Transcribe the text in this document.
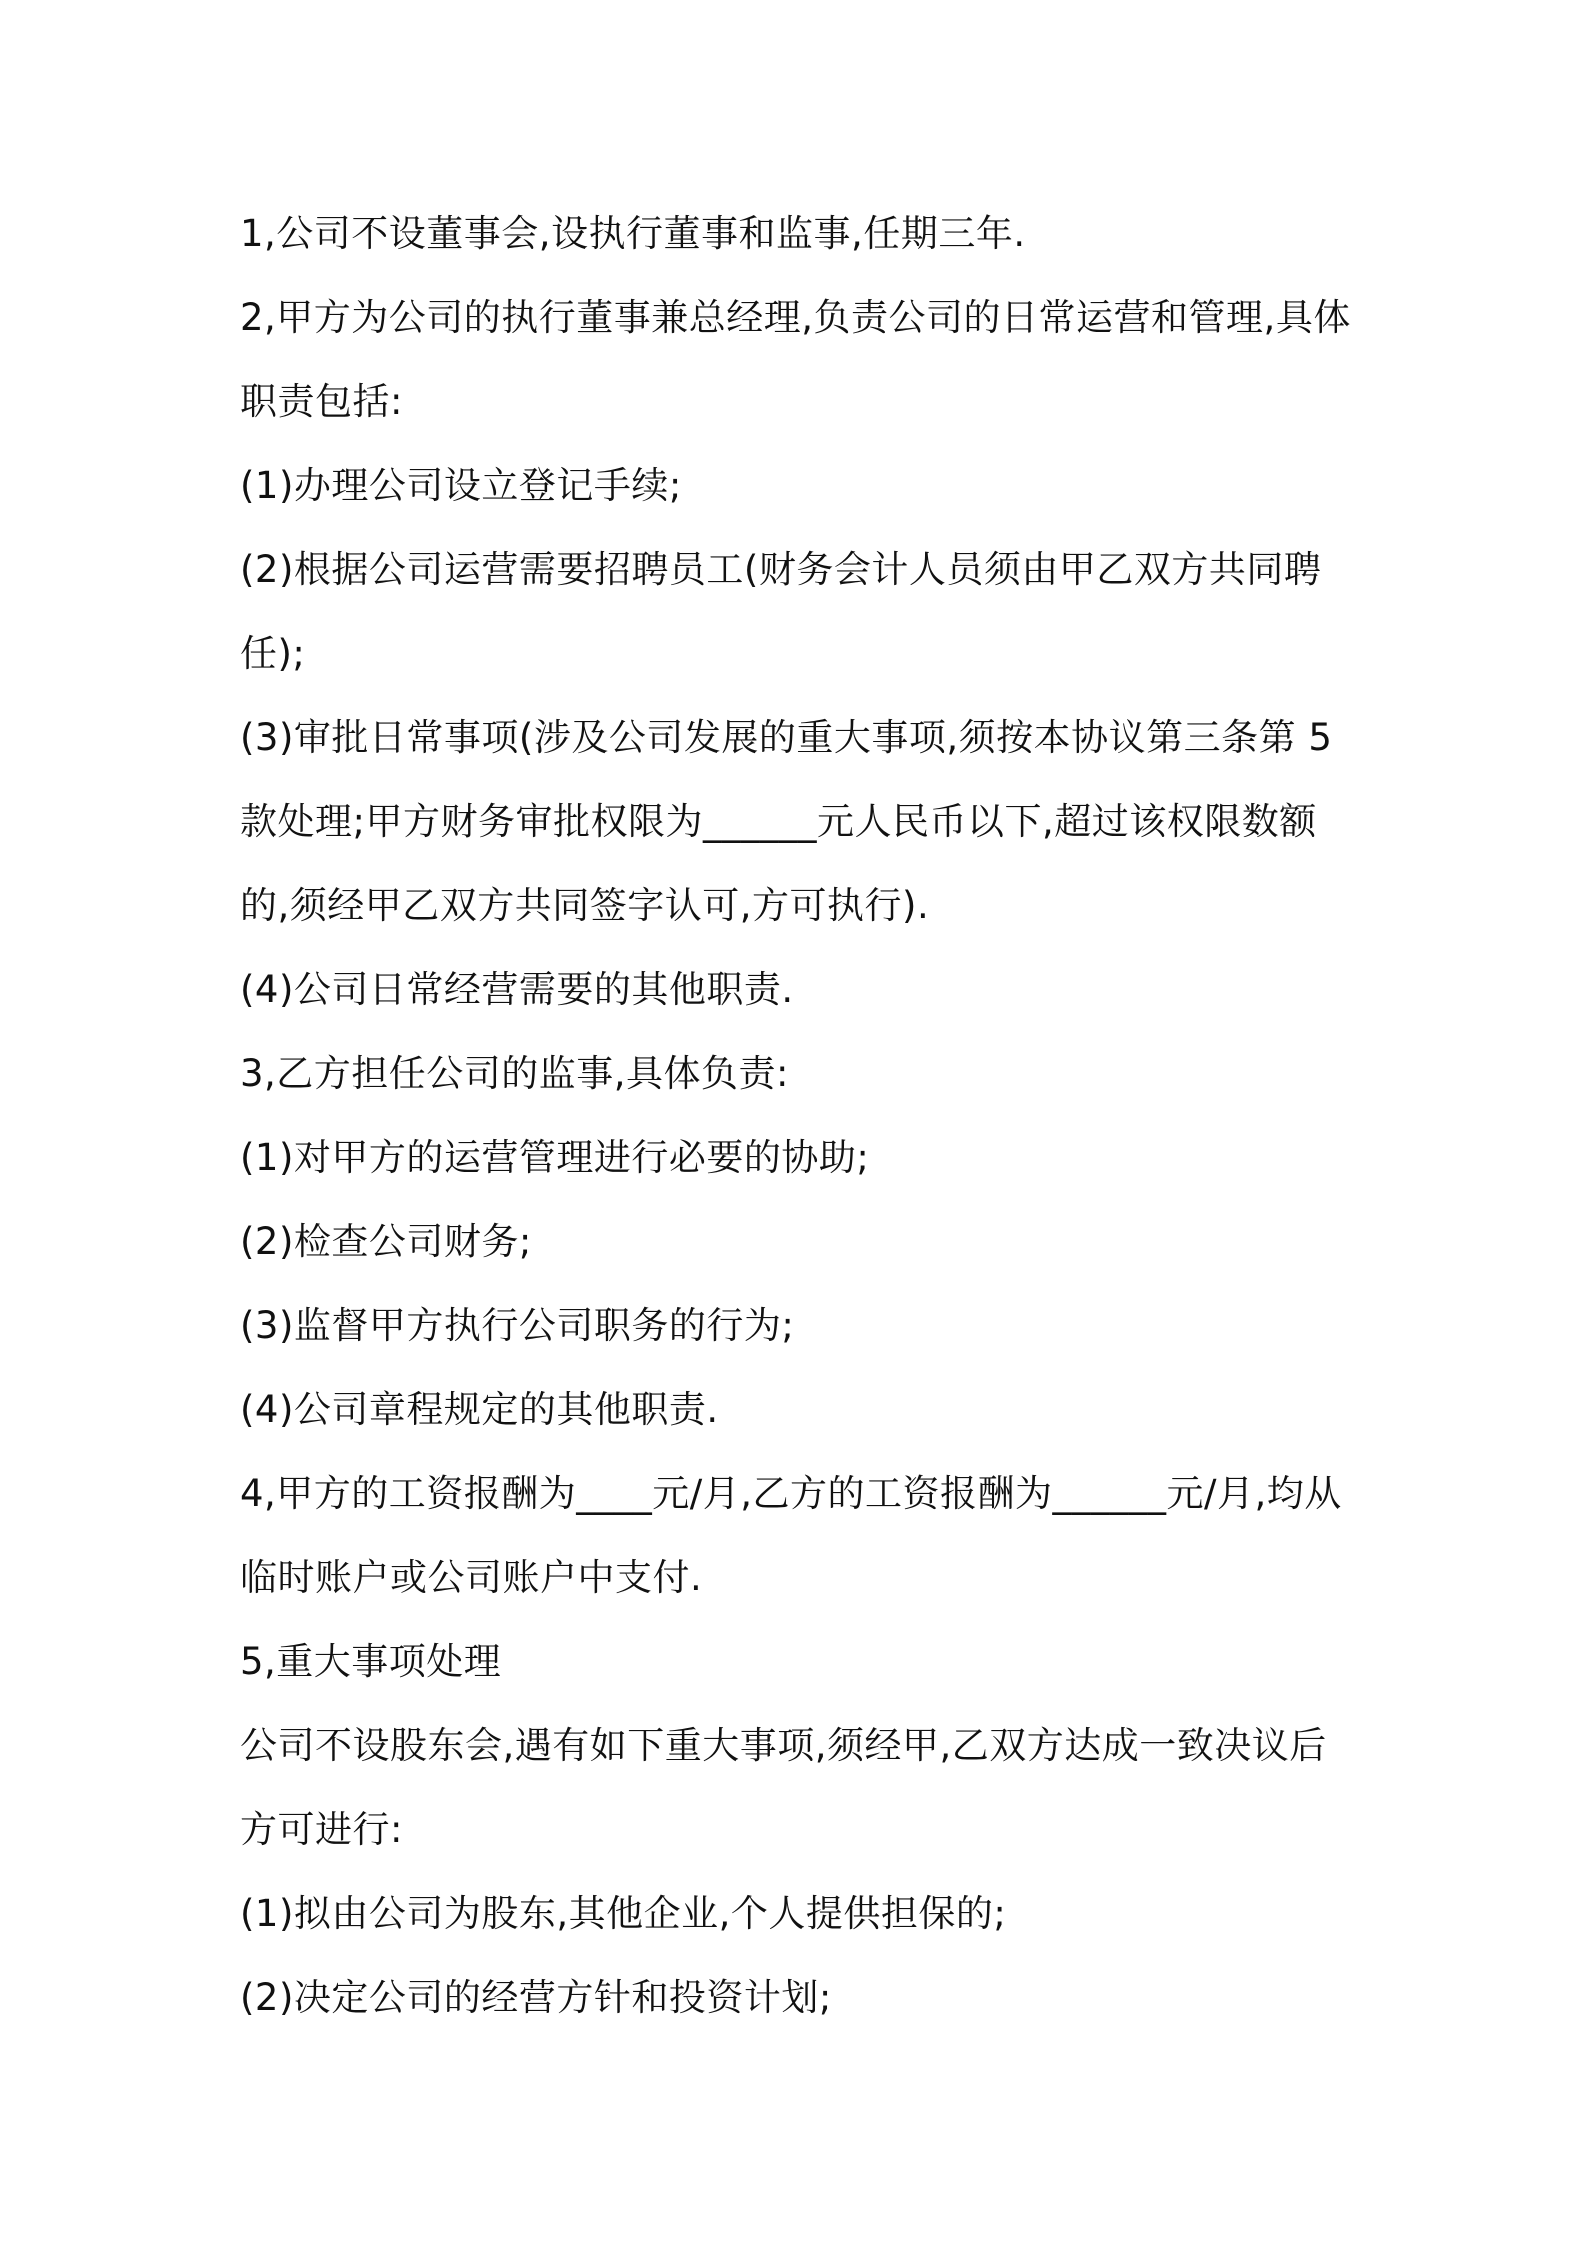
1,公司不设董事会,设执行董事和监事,任期三年.
2,甲方为公司的执行董事兼总经理,负责公司的日常运营和管理,具体
职责包括:
(1)办理公司设立登记手续;
(2)根据公司运营需要招聘员工(财务会计人员须由甲乙双方共同聘
任);
(3)审批日常事项(涉及公司发展的重大事项,须按本协议第三条第 5
款处理;甲方财务审批权限为______元人民币以下,超过该权限数额
的,须经甲乙双方共同签字认可,方可执行).
(4)公司日常经营需要的其他职责.
3,乙方担任公司的监事,具体负责:
(1)对甲方的运营管理进行必要的协助;
(2)检查公司财务;
(3)监督甲方执行公司职务的行为;
(4)公司章程规定的其他职责.
4,甲方的工资报酬为____元/月,乙方的工资报酬为______元/月,均从
临时账户或公司账户中支付.
5,重大事项处理
公司不设股东会,遇有如下重大事项,须经甲,乙双方达成一致决议后
方可进行:
(1)拟由公司为股东,其他企业,个人提供担保的;
(2)决定公司的经营方针和投资计划;
